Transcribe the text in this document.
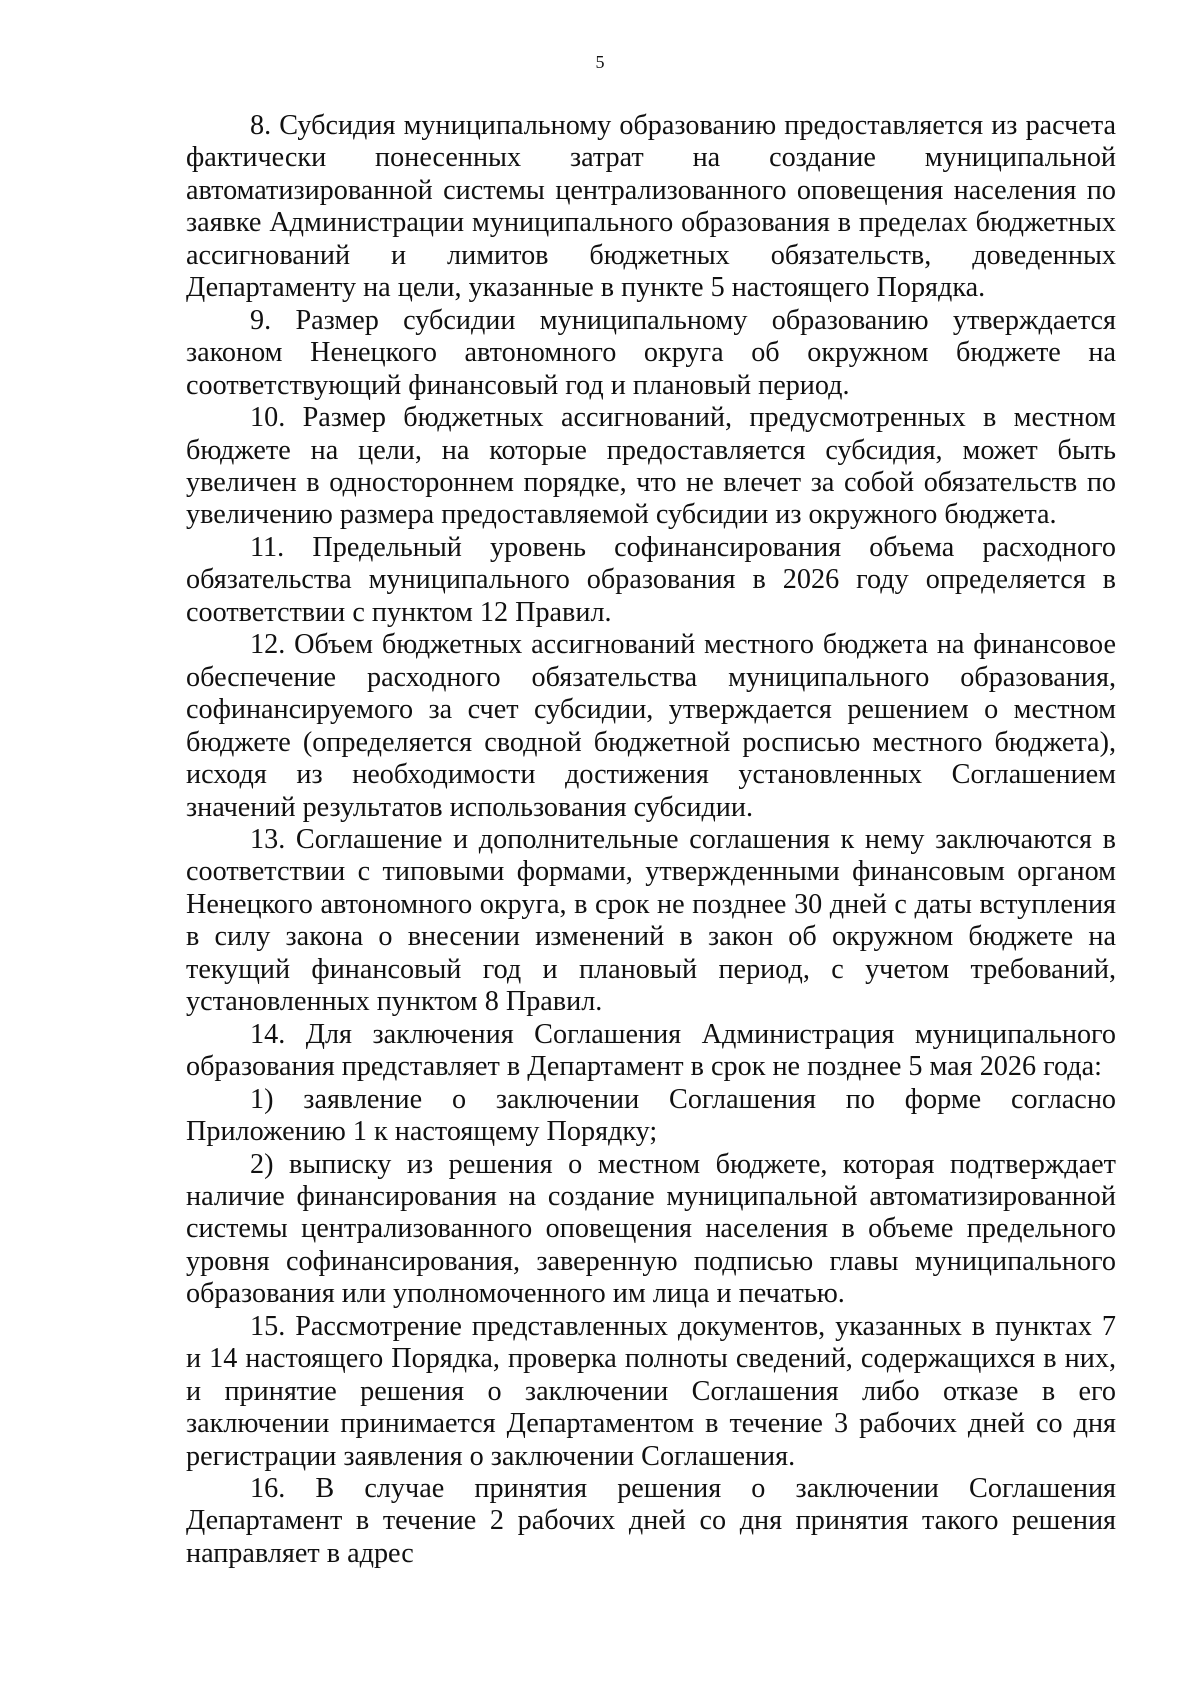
5

8. Субсидия муниципальному образованию предоставляется из расчета фактически понесенных затрат на создание муниципальной автоматизированной системы централизованного оповещения населения по заявке Администрации муниципального образования в пределах бюджетных ассигнований и лимитов бюджетных обязательств, доведенных Департаменту на цели, указанные в пункте 5 настоящего Порядка.

9. Размер субсидии муниципальному образованию утверждается законом Ненецкого автономного округа об окружном бюджете на соответствующий финансовый год и плановый период.

10. Размер бюджетных ассигнований, предусмотренных в местном бюджете на цели, на которые предоставляется субсидия, может быть увеличен в одностороннем порядке, что не влечет за собой обязательств по увеличению размера предоставляемой субсидии из окружного бюджета.

11. Предельный уровень софинансирования объема расходного обязательства муниципального образования в 2026 году определяется в соответствии с пунктом 12 Правил.

12. Объем бюджетных ассигнований местного бюджета на финансовое обеспечение расходного обязательства муниципального образования, софинансируемого за счет субсидии, утверждается решением о местном бюджете (определяется сводной бюджетной росписью местного бюджета), исходя из необходимости достижения установленных Соглашением значений результатов использования субсидии.

13. Соглашение и дополнительные соглашения к нему заключаются в соответствии с типовыми формами, утвержденными финансовым органом Ненецкого автономного округа, в срок не позднее 30 дней с даты вступления в силу закона о внесении изменений в закон об окружном бюджете на текущий финансовый год и плановый период, с учетом требований, установленных пунктом 8 Правил.

14. Для заключения Соглашения Администрация муниципального образования представляет в Департамент в срок не позднее 5 мая 2026 года:

1) заявление о заключении Соглашения по форме согласно Приложению 1 к настоящему Порядку;

2) выписку из решения о местном бюджете, которая подтверждает наличие финансирования на создание муниципальной автоматизированной системы централизованного оповещения населения в объеме предельного уровня софинансирования, заверенную подписью главы муниципального образования или уполномоченного им лица и печатью.

15. Рассмотрение представленных документов, указанных в пунктах 7 и 14 настоящего Порядка, проверка полноты сведений, содержащихся в них, и принятие решения о заключении Соглашения либо отказе в его заключении принимается Департаментом в течение 3 рабочих дней со дня регистрации заявления о заключении Соглашения.

16. В случае принятия решения о заключении Соглашения Департамент в течение 2 рабочих дней со дня принятия такого решения направляет в адрес
